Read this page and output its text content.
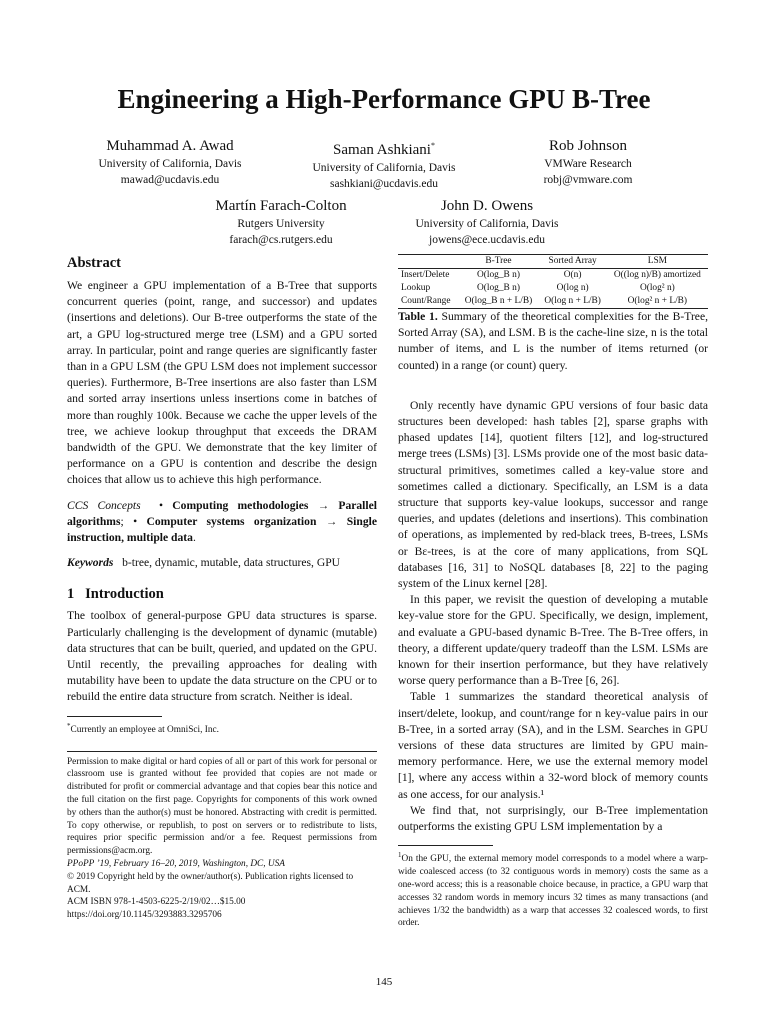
Engineering a High-Performance GPU B-Tree
Muhammad A. Awad
University of California, Davis
mawad@ucdavis.edu
Saman Ashkiani*
University of California, Davis
sashkiani@ucdavis.edu
Rob Johnson
VMWare Research
robj@vmware.com
Martín Farach-Colton
Rutgers University
farach@cs.rutgers.edu
John D. Owens
University of California, Davis
jowens@ece.ucdavis.edu
Abstract

We engineer a GPU implementation of a B-Tree that supports concurrent queries (point, range, and successor) and updates (insertions and deletions). Our B-tree outperforms the state of the art, a GPU log-structured merge tree (LSM) and a GPU sorted array. In particular, point and range queries are significantly faster than in a GPU LSM (the GPU LSM does not implement successor queries). Furthermore, B-Tree insertions are also faster than LSM and sorted array insertions unless insertions come in batches of more than roughly 100k. Because we cache the upper levels of the tree, we achieve lookup throughput that exceeds the DRAM bandwidth of the GPU. We demonstrate that the key limiter of performance on a GPU is contention and describe the design choices that allow us to achieve this high performance.

CCS Concepts • Computing methodologies → Parallel algorithms; • Computer systems organization → Single instruction, multiple data.

Keywords b-tree, dynamic, mutable, data structures, GPU

1 Introduction

The toolbox of general-purpose GPU data structures is sparse. Particularly challenging is the development of dynamic (mutable) data structures that can be built, queried, and updated on the GPU. Until recently, the prevailing approaches for dealing with mutability have been to update the data structure on the CPU or to rebuild the entire data structure from scratch. Neither is ideal.

*Currently an employee at OmniSci, Inc.

Permission to make digital or hard copies of all or part of this work for personal or classroom use is granted without fee provided that copies are not made or distributed for profit or commercial advantage and that copies bear this notice and the full citation on the first page. Copyrights for components of this work owned by others than the author(s) must be honored. Abstracting with credit is permitted. To copy otherwise, or republish, to post on servers or to redistribute to lists, requires prior specific permission and/or a fee. Request permissions from permissions@acm.org.

PPoPP ’19, February 16–20, 2019, Washington, DC, USA

© 2019 Copyright held by the owner/author(s). Publication rights licensed to ACM.

ACM ISBN 978-1-4503-6225-2/19/02…$15.00

https://doi.org/10.1145/3293883.3295706

	B-Tree	Sorted Array	LSM
Insert/Delete	O(log_B n)	O(n)	O((log n)/B) amortized
Lookup	O(log_B n)	O(log n)	O(log² n)
Count/Range	O(log_B n + L/B)	O(log n + L/B)	O(log² n + L/B)

Table 1. Summary of the theoretical complexities for the B-Tree, Sorted Array (SA), and LSM. B is the cache-line size, n is the total number of items, and L is the number of items returned (or counted) in a range (or count) query.

Only recently have dynamic GPU versions of four basic data structures been developed: hash tables [2], sparse graphs with phased updates [14], quotient filters [12], and log-structured merge trees (LSMs) [3]. LSMs provide one of the most basic data-structural primitives, sometimes called a key-value store and sometimes called a dictionary. Specifically, an LSM is a data structure that supports key-value lookups, successor and range queries, and updates (deletions and insertions). This combination of operations, as implemented by red-black trees, B-trees, LSMs or Bε-trees, is at the core of many applications, from SQL databases [16, 31] to NoSQL databases [8, 22] to the paging system of the Linux kernel [28].

In this paper, we revisit the question of developing a mutable key-value store for the GPU. Specifically, we design, implement, and evaluate a GPU-based dynamic B-Tree. The B-Tree offers, in theory, a different update/query tradeoff than the LSM. LSMs are known for their insertion performance, but they have relatively worse query performance than a B-Tree [6, 26].

Table 1 summarizes the standard theoretical analysis of insert/delete, lookup, and count/range for n key-value pairs in our B-Tree, in a sorted array (SA), and in the LSM. Searches in GPU versions of these data structures are limited by GPU main-memory performance. Here, we use the external memory model [1], where any access within a 32-word block of memory counts as one access, for our analysis.¹

We find that, not surprisingly, our B-Tree implementation outperforms the existing GPU LSM implementation by a

$^1$On the GPU, the external memory model corresponds to a model where a warp-wide coalesced access (to 32 contiguous words in memory) costs the same as a one-word access; this is a reasonable choice because, in practice, a GPU warp that accesses 32 random words in memory incurs 32 times as many transactions (and achieves 1/32 the bandwidth) as a warp that accesses 32 coalesced words, to first order.

145
